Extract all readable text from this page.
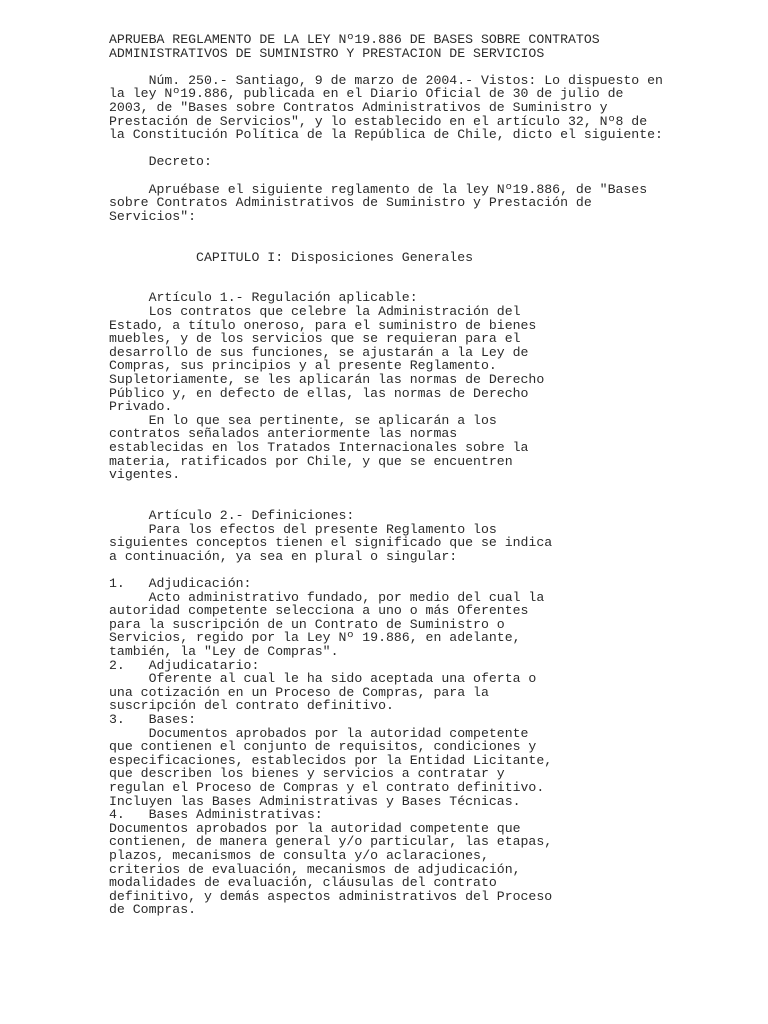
APRUEBA REGLAMENTO DE LA LEY Nº19.886 DE BASES SOBRE CONTRATOS
ADMINISTRATIVOS DE SUMINISTRO Y PRESTACION DE SERVICIOS
Núm. 250.- Santiago, 9 de marzo de 2004.- Vistos: Lo dispuesto en
la ley Nº19.886, publicada en el Diario Oficial de 30 de julio de
2003, de "Bases sobre Contratos Administrativos de Suministro y
Prestación de Servicios", y lo establecido en el artículo 32, Nº8 de
la Constitución Política de la República de Chile, dicto el siguiente:
Decreto:
Apruébase el siguiente reglamento de la ley Nº19.886, de "Bases
sobre Contratos Administrativos de Suministro y Prestación de
Servicios":
CAPITULO I: Disposiciones Generales
Artículo 1.- Regulación aplicable:
Los contratos que celebre la Administración del
Estado, a título oneroso, para el suministro de bienes
muebles, y de los servicios que se requieran para el
desarrollo de sus funciones, se ajustarán a la Ley de
Compras, sus principios y al presente Reglamento.
Supletoriamente, se les aplicarán las normas de Derecho
Público y, en defecto de ellas, las normas de Derecho
Privado.
En lo que sea pertinente, se aplicarán a los
contratos señalados anteriormente las normas
establecidas en los Tratados Internacionales sobre la
materia, ratificados por Chile, y que se encuentren
vigentes.
Artículo 2.- Definiciones:
Para los efectos del presente Reglamento los
siguientes conceptos tienen el significado que se indica
a continuación, ya sea en plural o singular:
1.   Adjudicación:
Acto administrativo fundado, por medio del cual la
autoridad competente selecciona a uno o más Oferentes
para la suscripción de un Contrato de Suministro o
Servicios, regido por la Ley Nº 19.886, en adelante,
también, la "Ley de Compras".
2.   Adjudicatario:
Oferente al cual le ha sido aceptada una oferta o
una cotización en un Proceso de Compras, para la
suscripción del contrato definitivo.
3.   Bases:
Documentos aprobados por la autoridad competente
que contienen el conjunto de requisitos, condiciones y
especificaciones, establecidos por la Entidad Licitante,
que describen los bienes y servicios a contratar y
regulan el Proceso de Compras y el contrato definitivo.
Incluyen las Bases Administrativas y Bases Técnicas.
4.   Bases Administrativas:
Documentos aprobados por la autoridad competente que
contienen, de manera general y/o particular, las etapas,
plazos, mecanismos de consulta y/o aclaraciones,
criterios de evaluación, mecanismos de adjudicación,
modalidades de evaluación, cláusulas del contrato
definitivo, y demás aspectos administrativos del Proceso
de Compras.
